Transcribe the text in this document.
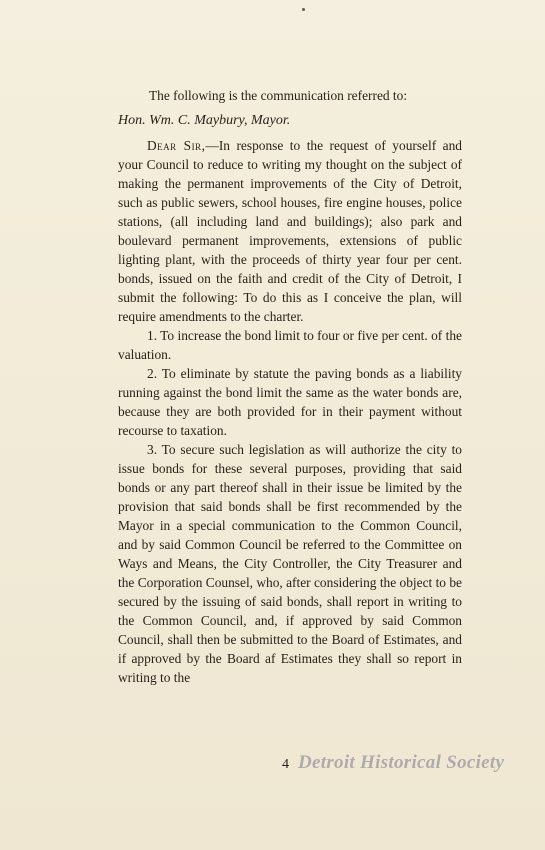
The following is the communication referred to:

Hon. Wm. C. Maybury, Mayor.

Dear Sir,—In response to the request of yourself and your Council to reduce to writing my thought on the subject of making the permanent improvements of the City of Detroit, such as public sewers, school houses, fire engine houses, police stations, (all including land and buildings); also park and boulevard permanent improvements, extensions of public lighting plant, with the proceeds of thirty year four per cent. bonds, issued on the faith and credit of the City of Detroit, I submit the following: To do this as I conceive the plan, will require amendments to the charter.

1. To increase the bond limit to four or five per cent. of the valuation.

2. To eliminate by statute the paving bonds as a liability running against the bond limit the same as the water bonds are, because they are both provided for in their payment without recourse to taxation.

3. To secure such legislation as will authorize the city to issue bonds for these several purposes, providing that said bonds or any part thereof shall in their issue be limited by the provision that said bonds shall be first recommended by the Mayor in a special communication to the Common Council, and by said Common Council be referred to the Committee on Ways and Means, the City Controller, the City Treasurer and the Corporation Counsel, who, after considering the object to be secured by the issuing of said bonds, shall report in writing to the Common Council, and, if approved by said Common Council, shall then be submitted to the Board of Estimates, and if approved by the Board af Estimates they shall so report in writing to the

4 Detroit Historical Society
